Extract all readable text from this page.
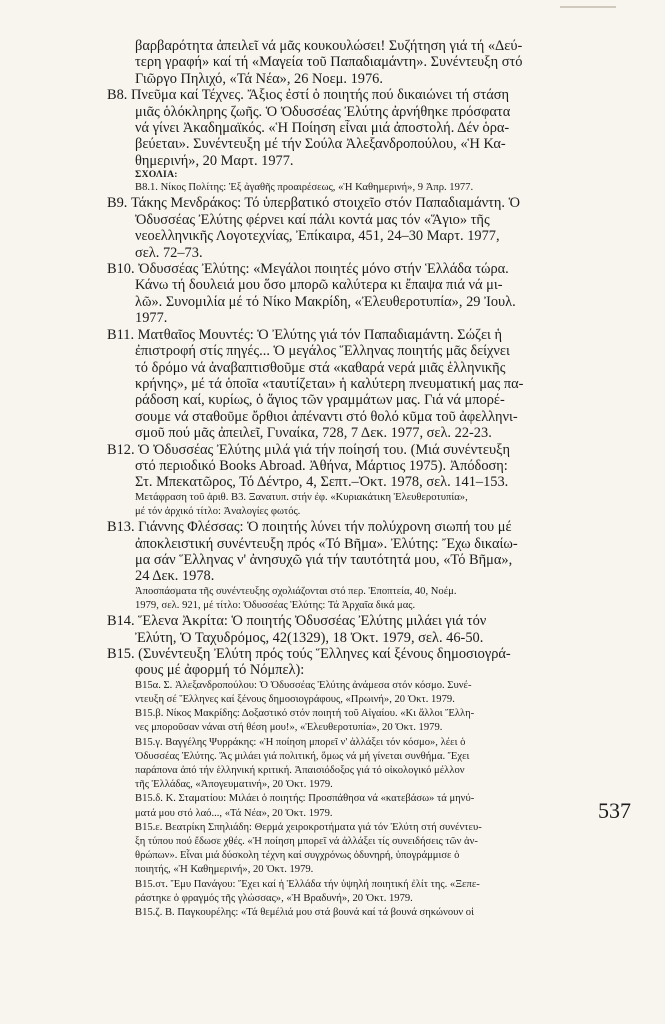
βαρβαρότητα ἀπειλεῖ νά μᾶς κουκουλώσει! Συζήτηση γιά τή «Δεύ-
τερη γραφή» καί τή «Μαγεία τοῦ Παπαδιαμάντη». Συνέντευξη στό
Γιῶργο Πηλιχό, «Τά Νέα», 26 Νοεμ. 1976.
B8. Πνεῦμα καί Τέχνες. Ἄξιος ἐστί ὁ ποιητής πού δικαιώνει τή στάση
μιᾶς ὁλόκληρης ζωῆς. Ὁ Ὀδυσσέας Ἐλύτης ἀρνήθηκε πρόσφατα
νά γίνει Ἀκαδημαϊκός. «Ἡ Ποίηση εἶναι μιά ἀποστολή. Δέν ὁρα-
βεύεται». Συνέντευξη μέ τήν Σούλα Ἀλεξανδροπούλου, «Ἡ Κα-
θημερινή», 20 Μαρτ. 1977.
ΣΧΟΛΙΑ:
B8.1. Νίκος Πολίτης: Ἐξ ἀγαθῆς προαιρέσεως, «Ἡ Καθημερινή», 9 Ἀπρ. 1977.
B9. Τάκης Μενδράκος: Τό ὑπερβατικό στοιχεῖο στόν Παπαδιαμάντη. Ὁ
Ὀδυσσέας Ἐλύτης φέρνει καί πάλι κοντά μας τόν «Ἅγιο» τῆς
νεοελληνικῆς Λογοτεχνίας, Ἐπίκαιρα, 451, 24–30 Μαρτ. 1977,
σελ. 72–73.
B10. Ὀδυσσέας Ἐλύτης: «Μεγάλοι ποιητές μόνο στήν Ἑλλάδα τώρα.
Κάνω τή δουλειά μου ὅσο μπορῶ καλύτερα κι ἔπαψα πιά νά μι-
λῶ». Συνομιλία μέ τό Νίκο Μακρίδη, «Ἐλευθεροτυπία», 29 Ἰουλ.
1977.
B11. Ματθαῖος Μουντές: Ὁ Ἐλύτης γιά τόν Παπαδιαμάντη. Σώζει ἡ
ἐπιστροφή στίς πηγές... Ὁ μεγάλος Ἕλληνας ποιητής μᾶς δείχνει
τό δρόμο νά ἀναβαπτισθοῦμε στά «καθαρά νερά μιᾶς ἑλληνικῆς
κρήνης», μέ τά ὁποῖα «ταυτίζεται» ἡ καλύτερη πνευματική μας πα-
ράδοση καί, κυρίως, ὁ ἅγιος τῶν γραμμάτων μας. Γιά νά μπορέ-
σουμε νά σταθοῦμε ὄρθιοι ἀπέναντι στό θολό κῦμα τοῦ ἀφελληνι-
σμοῦ πού μᾶς ἀπειλεῖ, Γυναίκα, 728, 7 Δεκ. 1977, σελ. 22-23.
B12. Ὁ Ὀδυσσέας Ἐλύτης μιλά γιά τήν ποίησή του. (Μιά συνέντευξη
στό περιοδικό Books Abroad. Ἀθήνα, Μάρτιος 1975). Ἀπόδοση:
Στ. Μπεκατῶρος, Τό Δέντρο, 4, Σεπτ.–Ὀκτ. 1978, σελ. 141–153.
Μετάφραση τοῦ ἀριθ. B3. Ξανατυπ. στήν ἐφ. «Κυριακάτικη Ἐλευθεροτυπία»,
μέ τόν ἀρχικό τίτλο: Ἀναλογίες φωτός.
B13. Γιάννης Φλέσσας: Ὁ ποιητής λύνει τήν πολύχρονη σιωπή του μέ
ἀποκλειστική συνέντευξη πρός «Τό Βῆμα». Ἐλύτης: Ἔχω δικαίω-
μα σάν Ἕλληνας ν' ἀνησυχῶ γιά τήν ταυτότητά μου, «Τό Βῆμα»,
24 Δεκ. 1978.
Ἀποσπάσματα τῆς συνέντευξης σχολιάζονται στό περ. Ἐποπτεία, 40, Νοέμ.
1979, σελ. 921, μέ τίτλο: Ὀδυσσέας Ἐλύτης: Τά Ἀρχαῖα δικά μας.
B14. Ἕλενα Ἀκρίτα: Ὁ ποιητής Ὀδυσσέας Ἐλύτης μιλάει γιά τόν
Ἐλύτη, Ὁ Ταχυδρόμος, 42(1329), 18 Ὀκτ. 1979, σελ. 46-50.
B15. (Συνέντευξη Ἐλύτη πρός τούς Ἕλληνες καί ξένους δημοσιογρά-
φους μέ ἀφορμή τό Νόμπελ):
B15α. Σ. Ἀλεξανδροπούλου: Ὁ Ὀδυσσέας Ἐλύτης ἀνάμεσα στόν κόσμο. Συνέ-
ντευξη σέ Ἕλληνες καί ξένους δημοσιογράφους, «Πρωινή», 20 Ὀκτ. 1979.
B15.β. Νίκος Μακρίδης: Δοξαστικό στόν ποιητή τοῦ Αἰγαίου. «Κι ἄλλοι Ἕλλη-
νες μποροῦσαν νάναι στή θέση μου!», «Ἐλευθεροτυπία», 20 Ὀκτ. 1979.
B15.γ. Βαγγέλης Ψυρράκης: «Ἡ ποίηση μπορεῖ ν' ἀλλάξει τόν κόσμο», λέει ὁ
Ὀδυσσέας Ἐλύτης. Ἄς μιλάει γιά πολιτική, ὅμως νά μή γίνεται συνθήμα. Ἔχει
παράπονα ἀπό τήν ἑλληνική κριτική. Ἀπαισιόδοξος γιά τό οἰκολογικό μέλλον
τῆς Ἑλλάδας, «Ἀπογευματινή», 20 Ὀκτ. 1979.
B15.δ. Κ. Σταματίου: Μιλάει ὁ ποιητής: Προσπάθησα νά «κατεβάσω» τά μηνύ-
ματά μου στό λαό..., «Τά Νέα», 20 Ὀκτ. 1979.
B15.ε. Βεατρίκη Σπηλιάδη: Θερμά χειροκροτήματα γιά τόν Ἐλύτη στή συνέντευ-
ξη τύπου πού ἔδωσε χθές. «Ἡ ποίηση μπορεῖ νά ἀλλάξει τίς συνειδήσεις τῶν ἀν-
θρώπων». Εἶναι μιά δύσκολη τέχνη καί συγχρόνως ὀδυνηρή, ὑπογράμμισε ὁ
ποιητής, «Ἡ Καθημερινή», 20 Ὀκτ. 1979.
B15.στ. Ἔμυ Πανάγου: Ἔχει καί ἡ Ἑλλάδα τήν ὑψηλή ποιητική ἐλίτ της. «Ξεπε-
ράστηκε ὁ φραγμός τῆς γλώσσας», «Ἡ Βραδυνή», 20 Ὀκτ. 1979.
B15.ζ. Β. Παγκουρέλης: «Τά θεμέλιά μου στά βουνά καί τά βουνά σηκώνουν οἱ
537
